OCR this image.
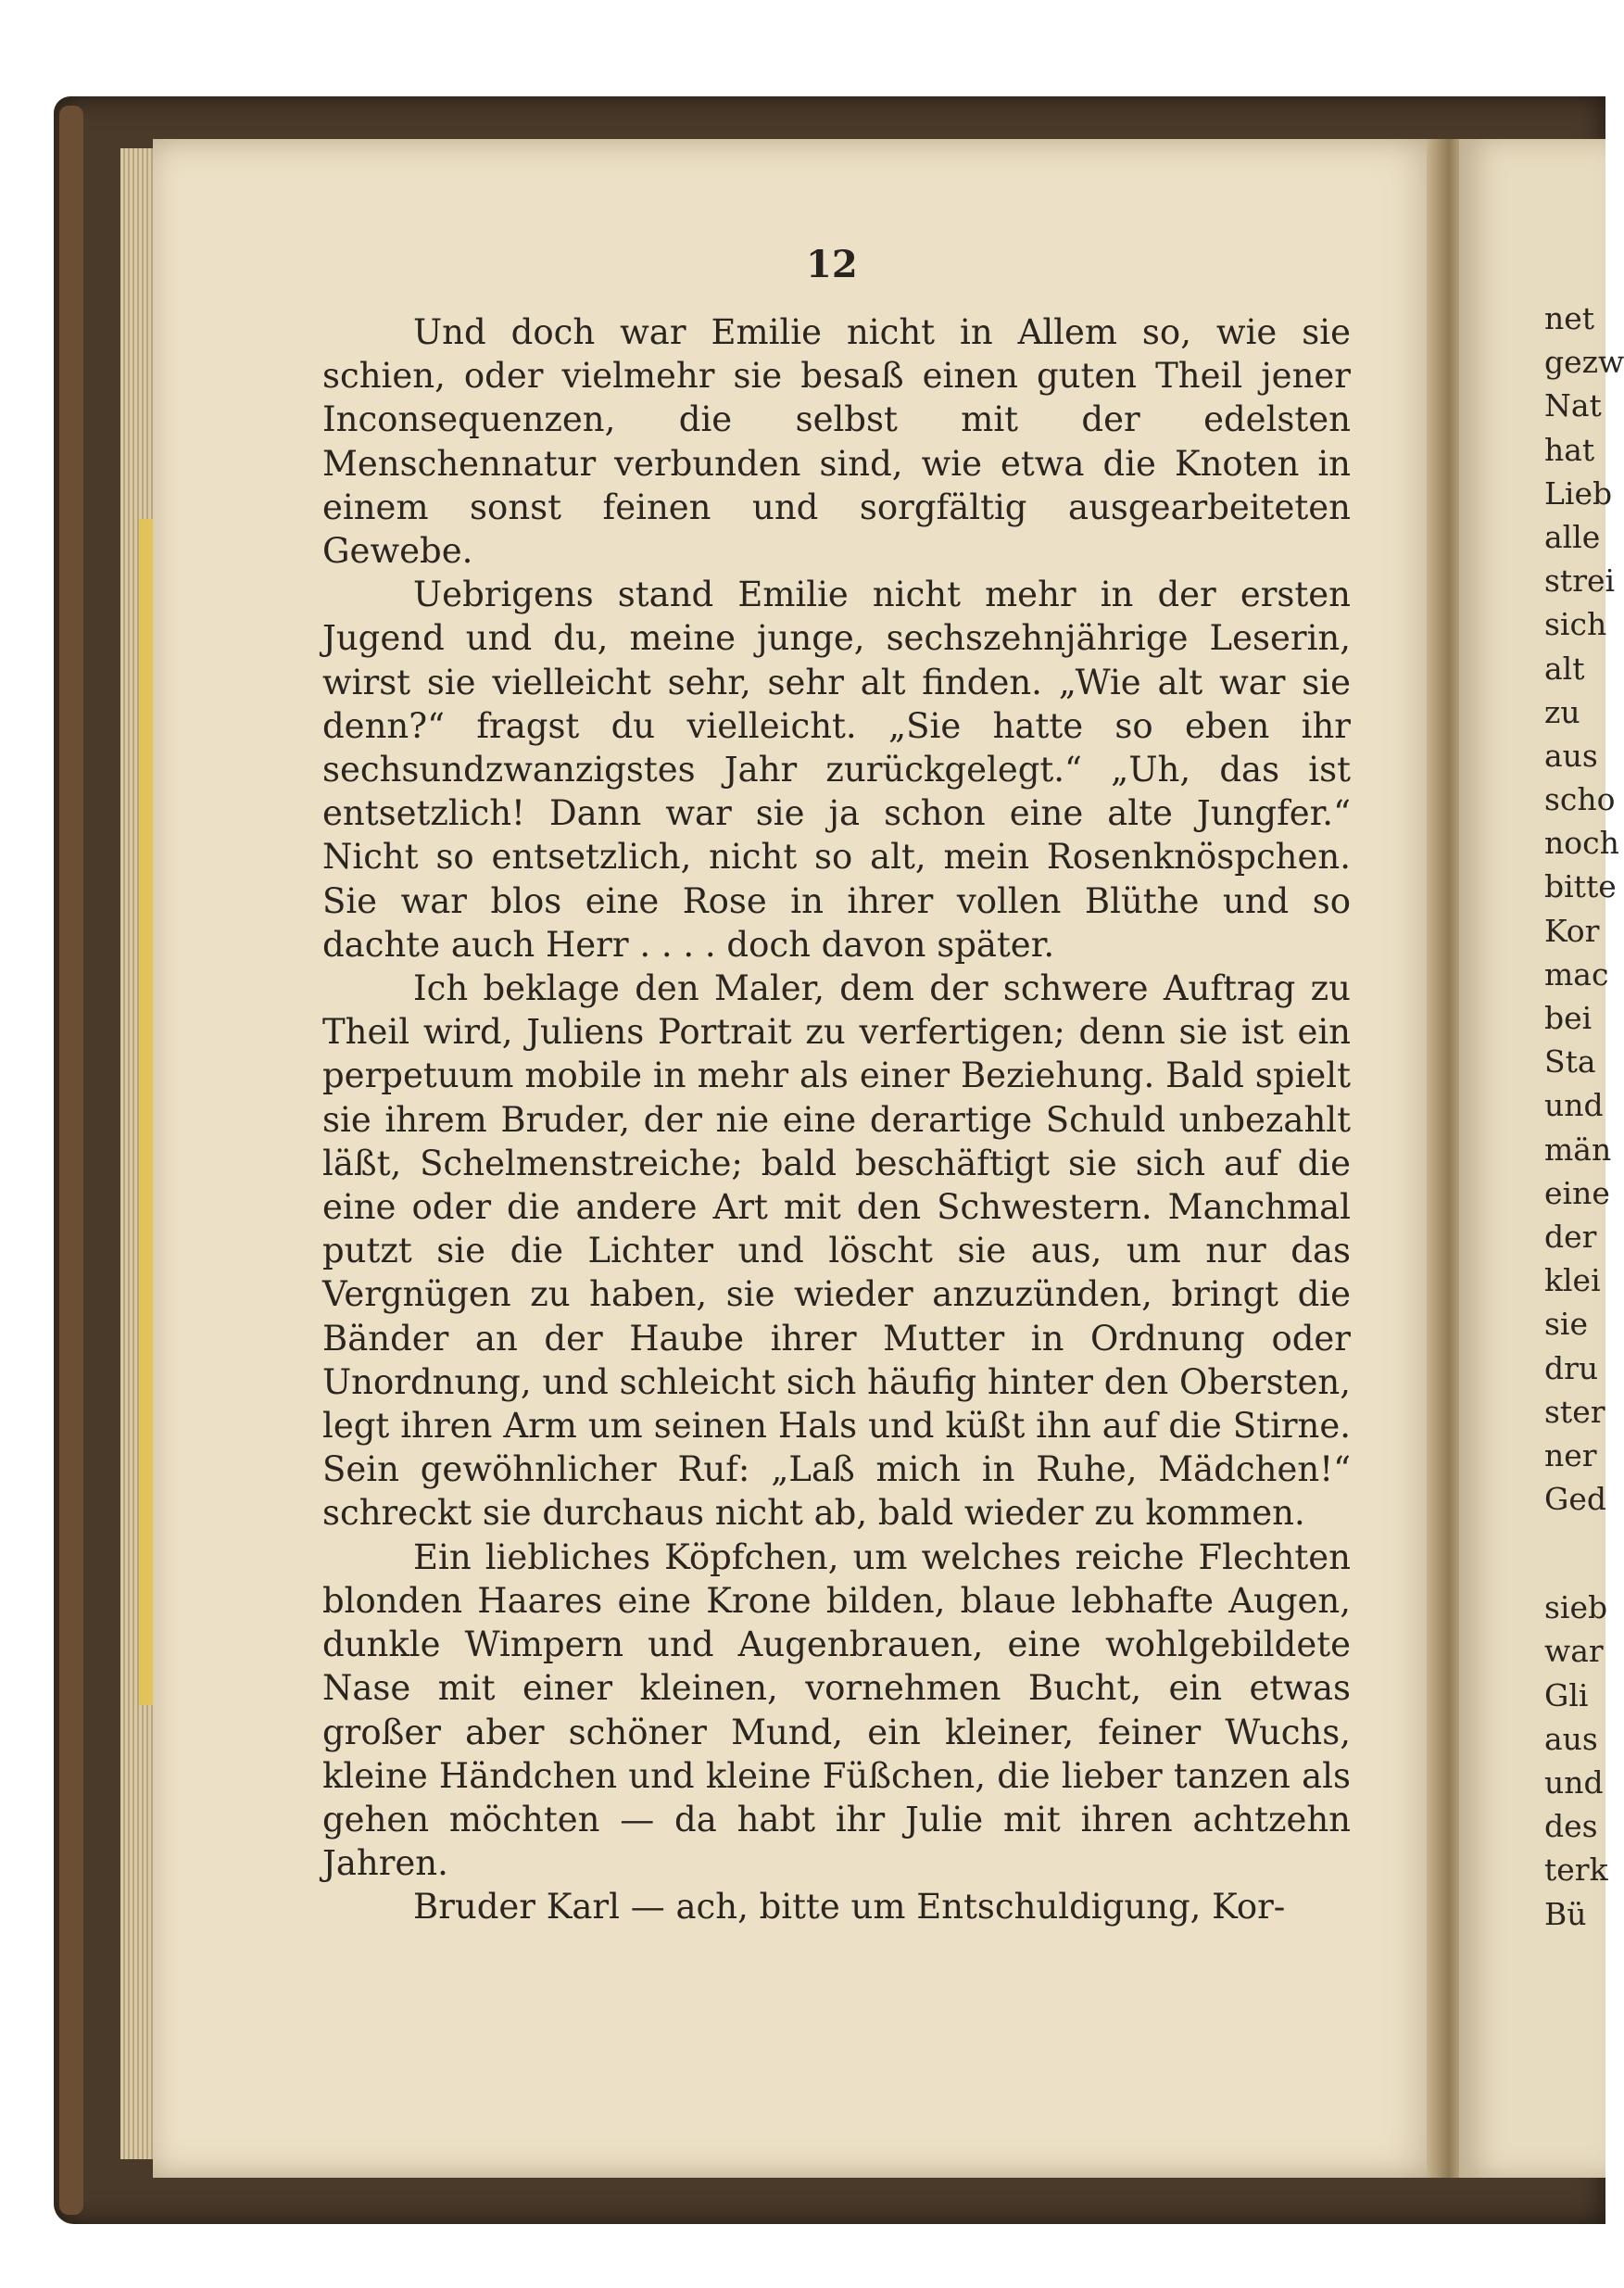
12

Und doch war Emilie nicht in Allem so, wie sie schien, oder vielmehr sie besaß einen guten Theil jener Inconsequenzen, die selbst mit der edelsten Menschennatur verbunden sind, wie etwa die Knoten in einem sonst feinen und sorgfältig ausgearbeiteten Gewebe.

Uebrigens stand Emilie nicht mehr in der ersten Jugend und du, meine junge, sechszehnjährige Leserin, wirst sie vielleicht sehr, sehr alt finden. „Wie alt war sie denn?“ fragst du vielleicht. „Sie hatte so eben ihr sechsundzwanzigstes Jahr zurückgelegt.“ „Uh, das ist entsetzlich! Dann war sie ja schon eine alte Jungfer.“ Nicht so entsetzlich, nicht so alt, mein Rosenknöspchen. Sie war blos eine Rose in ihrer vollen Blüthe und so dachte auch Herr . . . . doch davon später.

Ich beklage den Maler, dem der schwere Auftrag zu Theil wird, Juliens Portrait zu verfertigen; denn sie ist ein perpetuum mobile in mehr als einer Beziehung. Bald spielt sie ihrem Bruder, der nie eine derartige Schuld unbezahlt läßt, Schelmenstreiche; bald beschäftigt sie sich auf die eine oder die andere Art mit den Schwestern. Manchmal putzt sie die Lichter und löscht sie aus, um nur das Vergnügen zu haben, sie wieder anzuzünden, bringt die Bänder an der Haube ihrer Mutter in Ordnung oder Unordnung, und schleicht sich häufig hinter den Obersten, legt ihren Arm um seinen Hals und küßt ihn auf die Stirne. Sein gewöhnlicher Ruf: „Laß mich in Ruhe, Mädchen!“ schreckt sie durchaus nicht ab, bald wieder zu kommen.

Ein liebliches Köpfchen, um welches reiche Flechten blonden Haares eine Krone bilden, blaue lebhafte Augen, dunkle Wimpern und Augenbrauen, eine wohlgebildete Nase mit einer kleinen, vornehmen Bucht, ein etwas großer aber schöner Mund, ein kleiner, feiner Wuchs, kleine Händchen und kleine Füßchen, die lieber tanzen als gehen möchten — da habt ihr Julie mit ihren achtzehn Jahren.

Bruder Karl — ach, bitte um Entschuldigung, Kor-

net
gezw
Nat
hat
Lieb
alle
strei
sich
alt
zu
aus
scho
noch
bitte
Kor
mac
bei
Sta
und
män
eine
der
klei
sie
dru
ster
ner
Ged
sieb
war
Gli
aus
und
des
terk
Bü
